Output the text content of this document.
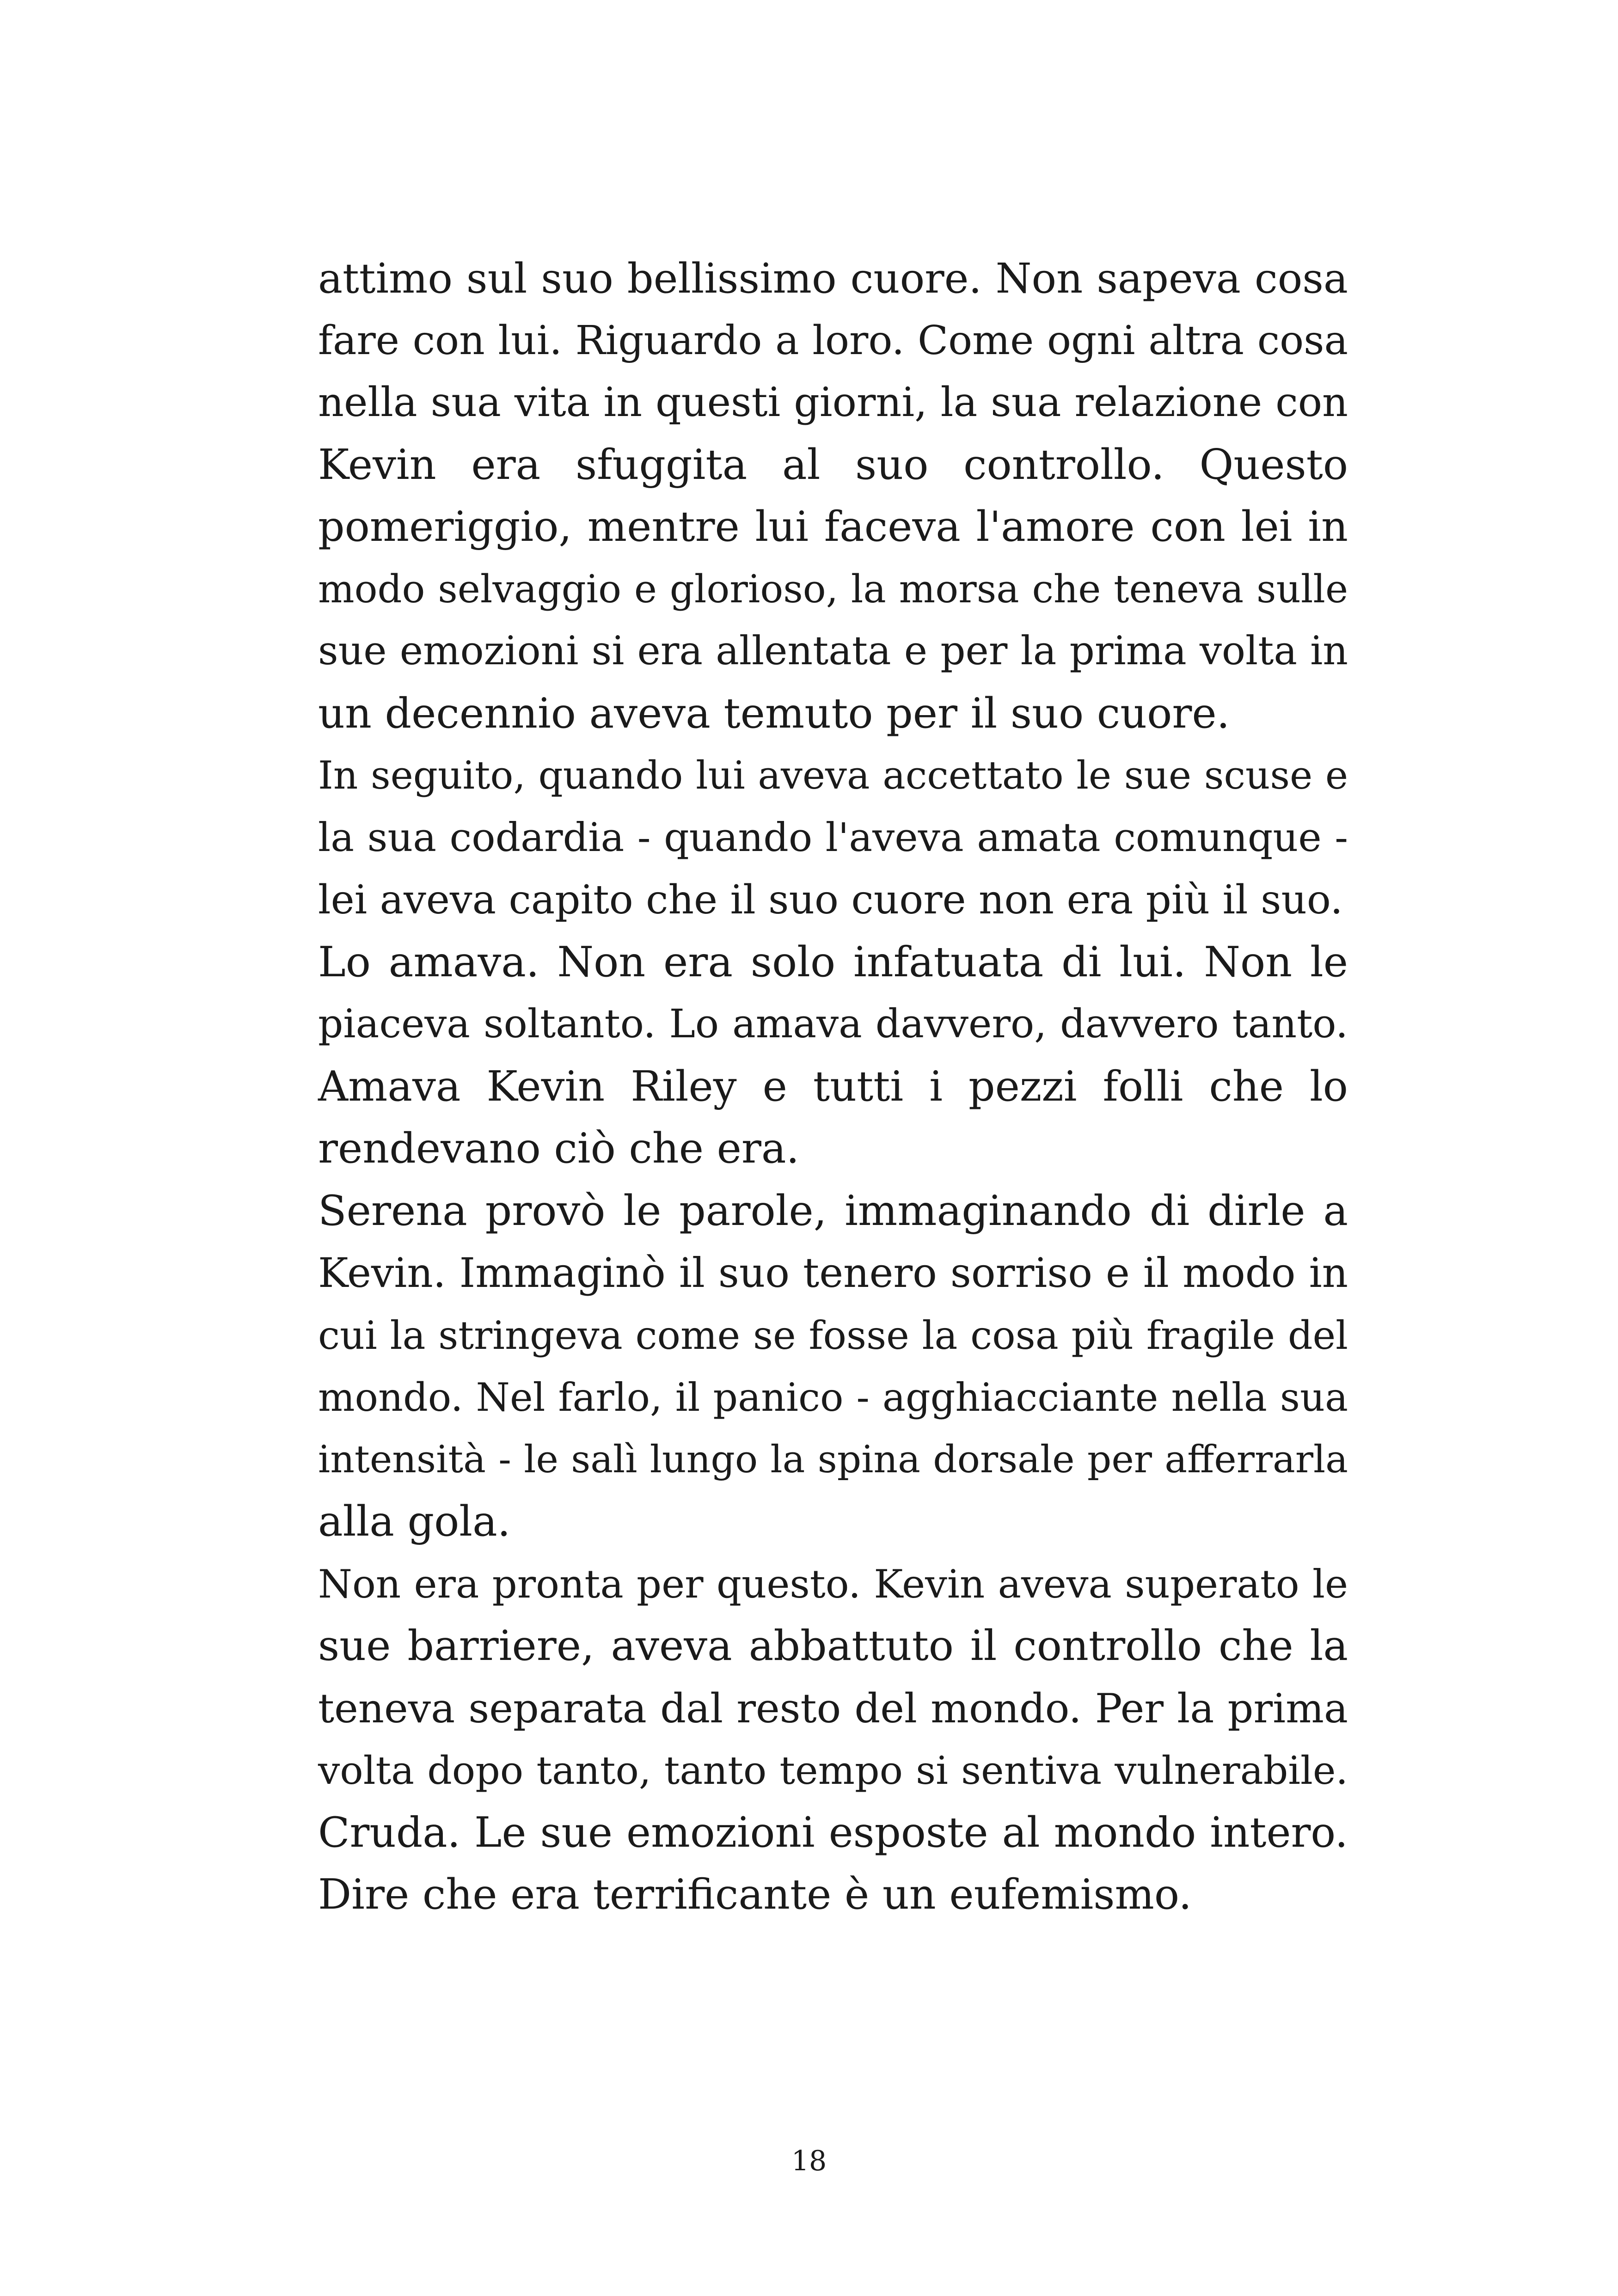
attimo sul suo bellissimo cuore. Non sapeva cosa
fare con lui. Riguardo a loro. Come ogni altra cosa
nella sua vita in questi giorni, la sua relazione con
Kevin era sfuggita al suo controllo. Questo
pomeriggio, mentre lui faceva l'amore con lei in
modo selvaggio e glorioso, la morsa che teneva sulle
sue emozioni si era allentata e per la prima volta in
un decennio aveva temuto per il suo cuore.
In seguito, quando lui aveva accettato le sue scuse e
la sua codardia - quando l'aveva amata comunque -
lei aveva capito che il suo cuore non era più il suo.
Lo amava. Non era solo infatuata di lui. Non le
piaceva soltanto. Lo amava davvero, davvero tanto.
Amava Kevin Riley e tutti i pezzi folli che lo
rendevano ciò che era.
Serena provò le parole, immaginando di dirle a
Kevin. Immaginò il suo tenero sorriso e il modo in
cui la stringeva come se fosse la cosa più fragile del
mondo. Nel farlo, il panico - agghiacciante nella sua
intensità - le salì lungo la spina dorsale per afferrarla
alla gola.
Non era pronta per questo. Kevin aveva superato le
sue barriere, aveva abbattuto il controllo che la
teneva separata dal resto del mondo. Per la prima
volta dopo tanto, tanto tempo si sentiva vulnerabile.
Cruda. Le sue emozioni esposte al mondo intero.
Dire che era terrificante è un eufemismo.
18
